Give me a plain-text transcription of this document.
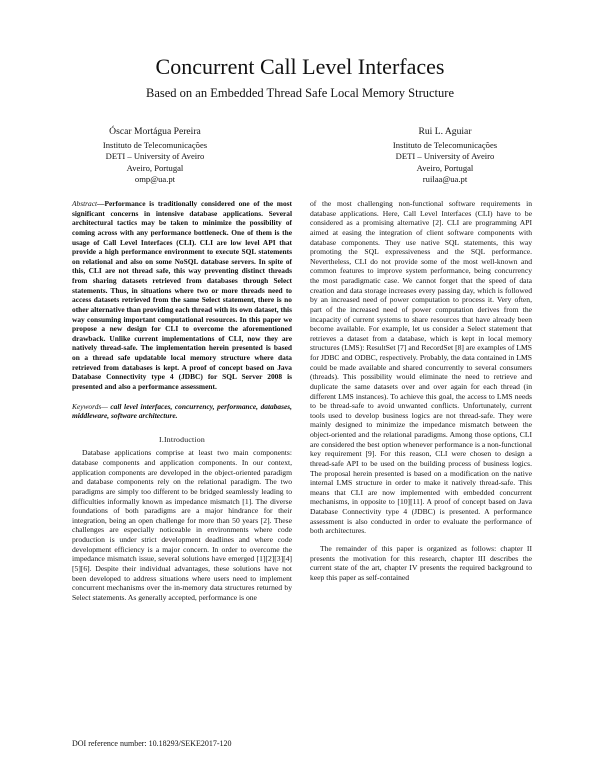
Concurrent Call Level Interfaces
Based on an Embedded Thread Safe Local Memory Structure
Óscar Mortágua Pereira
Instituto de Telecomunicações
DETI – University of Aveiro
Aveiro, Portugal
omp@ua.pt
Rui L. Aguiar
Instituto de Telecomunicações
DETI – University of Aveiro
Aveiro, Portugal
ruilaa@ua.pt

Abstract—Performance is traditionally considered one of the most significant concerns in intensive database applications. Several architectural tactics may be taken to minimize the possibility of coming across with any performance bottleneck. One of them is the usage of Call Level Interfaces (CLI). CLI are low level API that provide a high performance environment to execute SQL statements on relational and also on some NoSQL database servers. In spite of this, CLI are not thread safe, this way preventing distinct threads from sharing datasets retrieved from databases through Select statements. Thus, in situations where two or more threads need to access datasets retrieved from the same Select statement, there is no other alternative than providing each thread with its own dataset, this way consuming important computational resources. In this paper we propose a new design for CLI to overcome the aforementioned drawback. Unlike current implementations of CLI, now they are natively thread-safe. The implementation herein presented is based on a thread safe updatable local memory structure where data retrieved from databases is kept. A proof of concept based on Java Database Connectivity type 4 (JDBC) for SQL Server 2008 is presented and also a performance assessment.

Keywords— call level interfaces, concurrency, performance, databases, middleware, software architecture.

I.Introduction

Database applications comprise at least two main components: database components and application components. In our context, application components are developed in the object-oriented paradigm and database components rely on the relational paradigm. The two paradigms are simply too different to be bridged seamlessly leading to difficulties informally known as impedance mismatch [1]. The diverse foundations of both paradigms are a major hindrance for their integration, being an open challenge for more than 50 years [2]. These challenges are especially noticeable in environments where code production is under strict development deadlines and where code development efficiency is a major concern. In order to overcome the impedance mismatch issue, several solutions have emerged [1][2][3][4][5][6]. Despite their individual advantages, these solutions have not been developed to address situations where users need to implement concurrent mechanisms over the in-memory data structures returned by Select statements. As generally accepted, performance is one

of the most challenging non-functional software requirements in database applications. Here, Call Level Interfaces (CLI) have to be considered as a promising alternative [2]. CLI are programming API aimed at easing the integration of client software components with database components. They use native SQL statements, this way promoting the SQL expressiveness and the SQL performance. Nevertheless, CLI do not provide some of the most well-known and common features to improve system performance, being concurrency the most paradigmatic case. We cannot forget that the speed of data creation and data storage increases every passing day, which is followed by an increased need of power computation to process it. Very often, part of the increased need of power computation derives from the incapacity of current systems to share resources that have already been become available. For example, let us consider a Select statement that retrieves a dataset from a database, which is kept in local memory structures (LMS): ResultSet [7] and RecordSet [8] are examples of LMS for JDBC and ODBC, respectively. Probably, the data contained in LMS could be made available and shared concurrently to several consumers (threads). This possibility would eliminate the need to retrieve and duplicate the same datasets over and over again for each thread (in different LMS instances). To achieve this goal, the access to LMS needs to be thread-safe to avoid unwanted conflicts. Unfortunately, current tools used to develop business logics are not thread-safe. They were mainly designed to minimize the impedance mismatch between the object-oriented and the relational paradigms. Among those options, CLI are considered the best option whenever performance is a non-functional key requirement [9]. For this reason, CLI were chosen to design a thread-safe API to be used on the building process of business logics. The proposal herein presented is based on a modification on the native internal LMS structure in order to make it natively thread-safe. This means that CLI are now implemented with embedded concurrent mechanisms, in opposite to [10][11]. A proof of concept based on Java Database Connectivity type 4 (JDBC) is presented. A performance assessment is also conducted in order to evaluate the performance of both architectures.

The remainder of this paper is organized as follows: chapter II presents the motivation for this research, chapter III describes the current state of the art, chapter IV presents the required background to keep this paper as self-contained

DOI reference number: 10.18293/SEKE2017-120
